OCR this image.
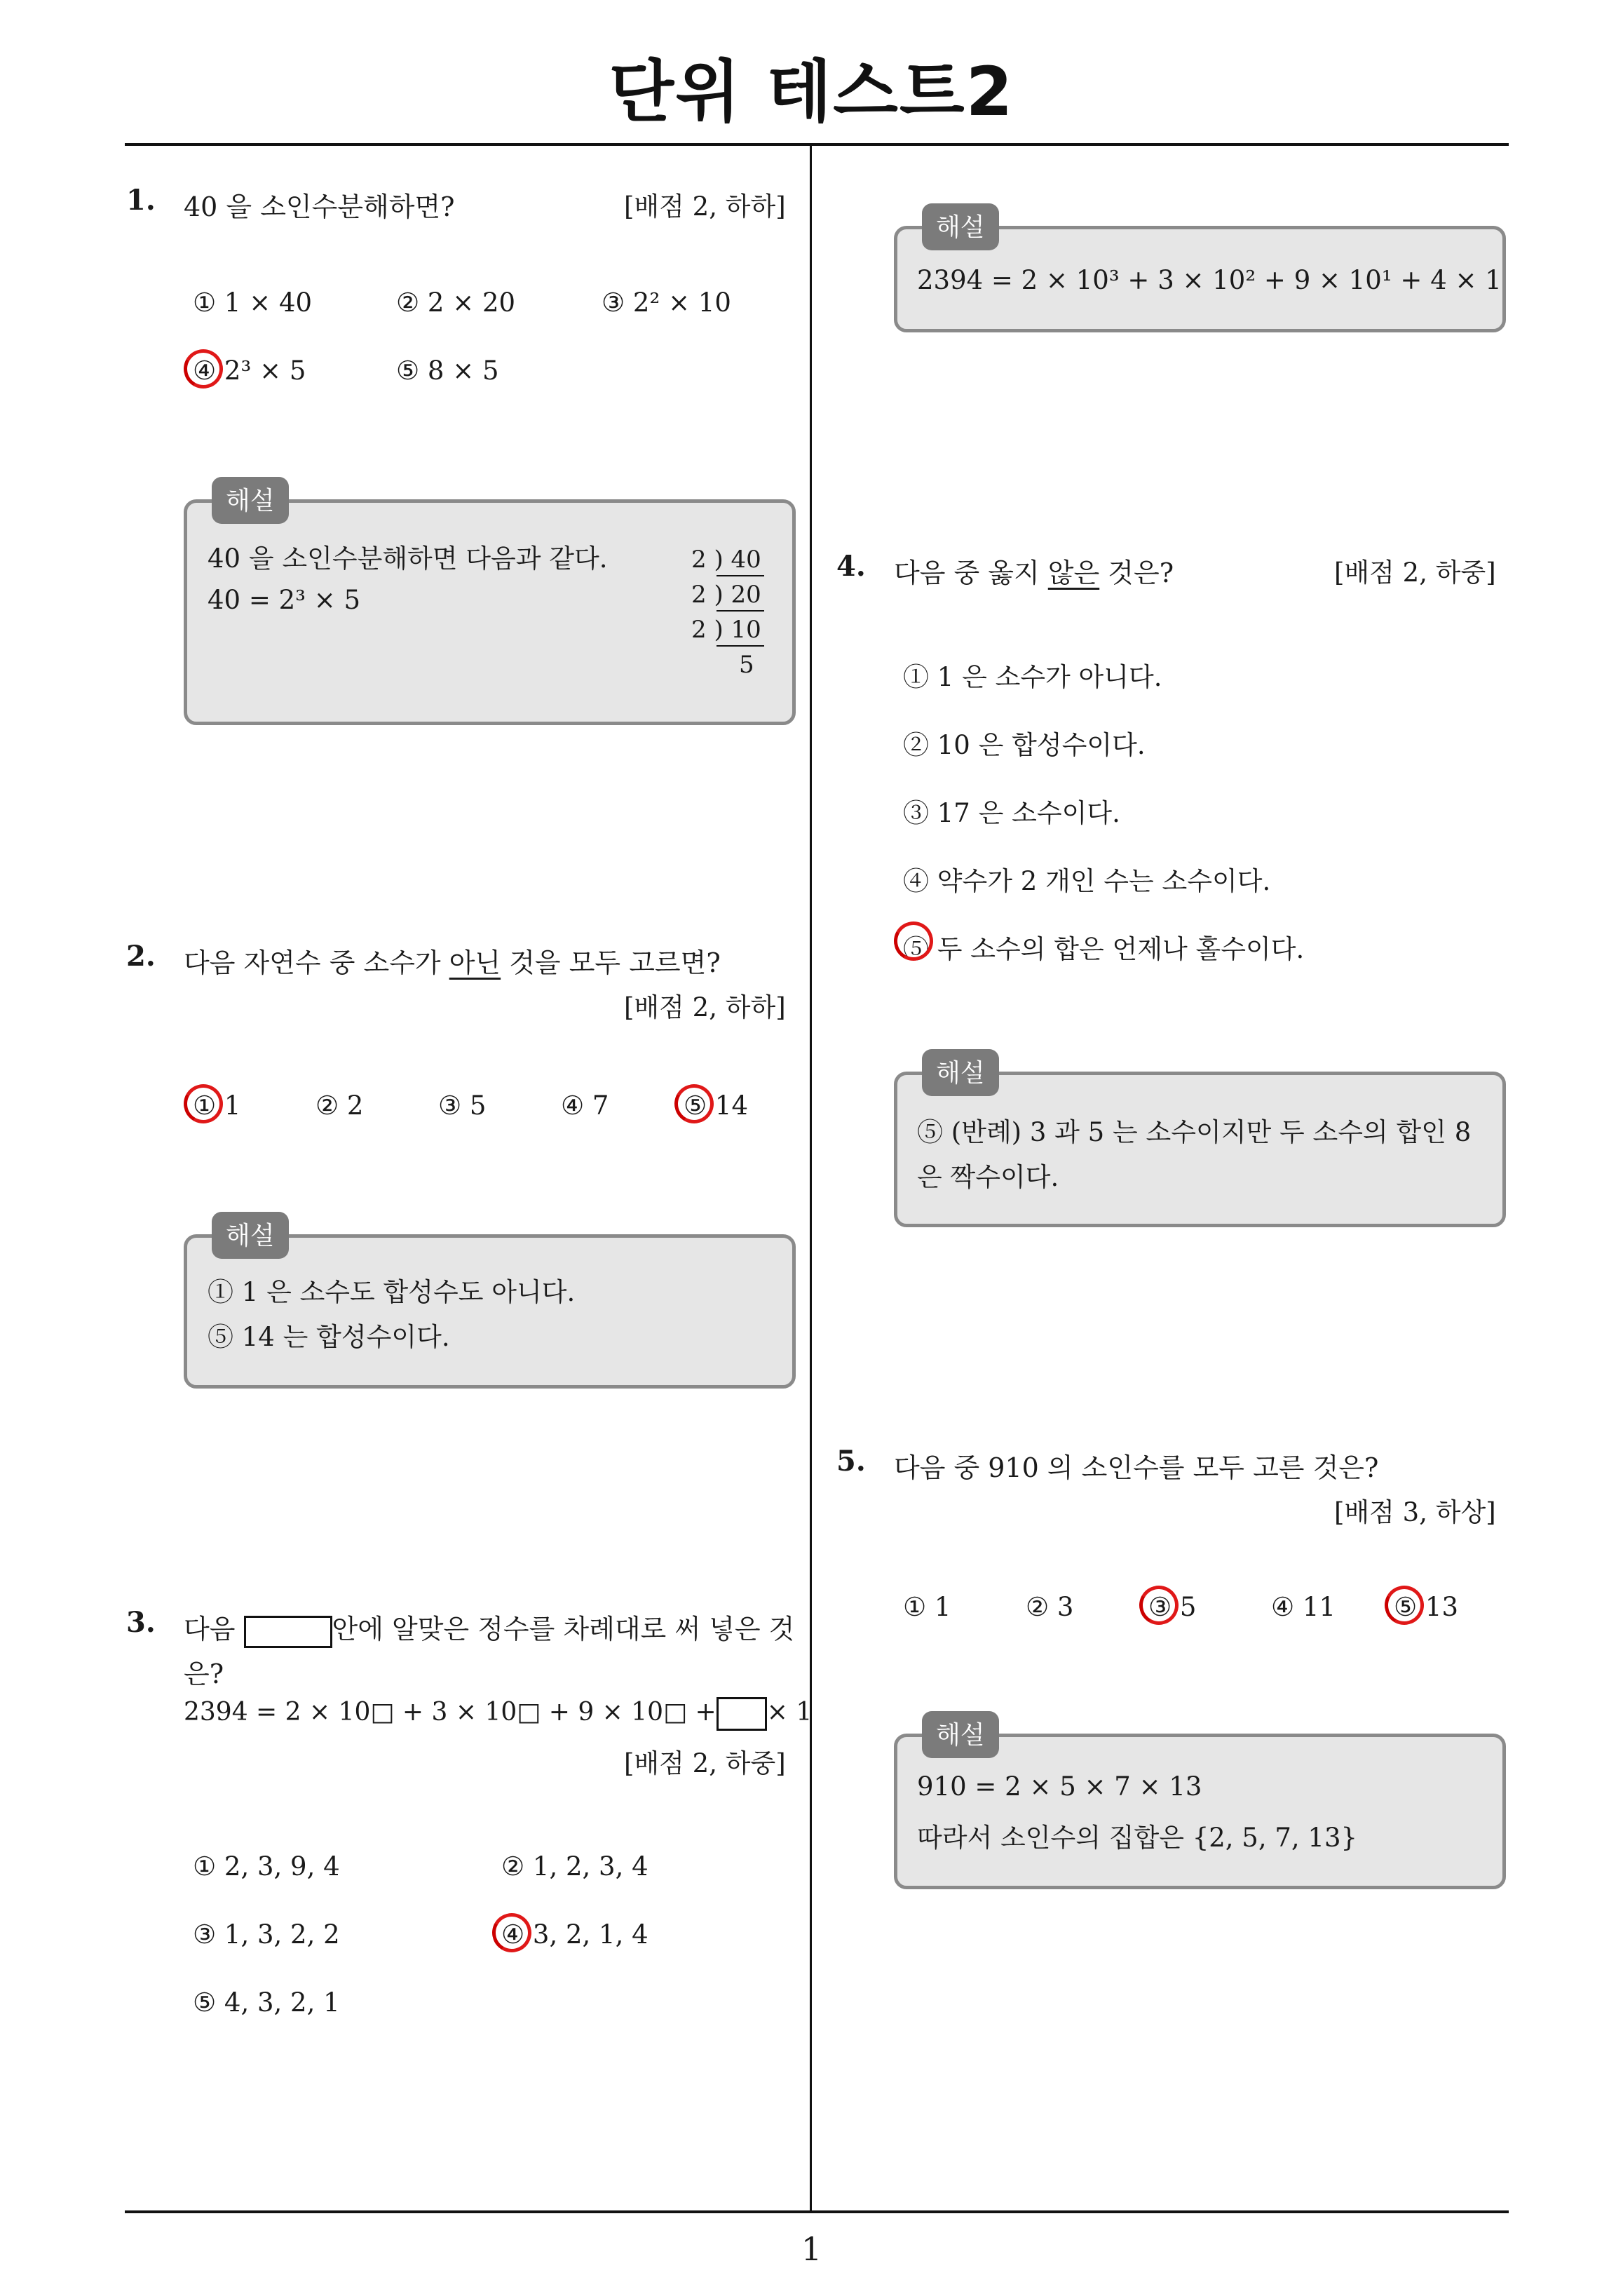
단위 테스트2
1
1. 40 을 소인수분해하면?	[배점 2, 하하]
① 1 × 40	② 2 × 20	③ 2² × 10
④ 2³ × 5	⑤ 8 × 5
해설
40 을 소인수분해하면 다음과 같다.
40 = 2³ × 5
2 ) 40
2 ) 20
2 ) 10
5
2. 다음 자연수 중 소수가 아닌 것을 모두 고르면?
[배점 2, 하하]
① 1	② 2	③ 5	④ 7	⑤ 14
해설
① 1 은 소수도 합성수도 아니다.
⑤ 14 는 합성수이다.
3. 다음	안에 알맞은 정수를 차례대로 써 넣은 것
은?
2394 = 2 × 10□ + 3 × 10□ + 9 × 10□ + × 1
[배점 2, 하중]
① 2, 3, 9, 4	② 1, 2, 3, 4
③ 1, 3, 2, 2	④ 3, 2, 1, 4
⑤ 4, 3, 2, 1
해설
2394 = 2 × 10³ + 3 × 10² + 9 × 10¹ + 4 × 1
4. 다음 중 옳지 않은 것은?	[배점 2, 하중]
① 1 은 소수가 아니다.
② 10 은 합성수이다.
③ 17 은 소수이다.
④ 약수가 2 개인 수는 소수이다.
⑤ 두 소수의 합은 언제나 홀수이다.
해설
⑤ (반례) 3 과 5 는 소수이지만 두 소수의 합인 8
은 짝수이다.
5. 다음 중 910 의 소인수를 모두 고른 것은?
[배점 3, 하상]
① 1	② 3	③ 5	④ 11 ⑤ 13
해설
910 = 2 × 5 × 7 × 13
따라서 소인수의 집합은 {2, 5, 7, 13}
